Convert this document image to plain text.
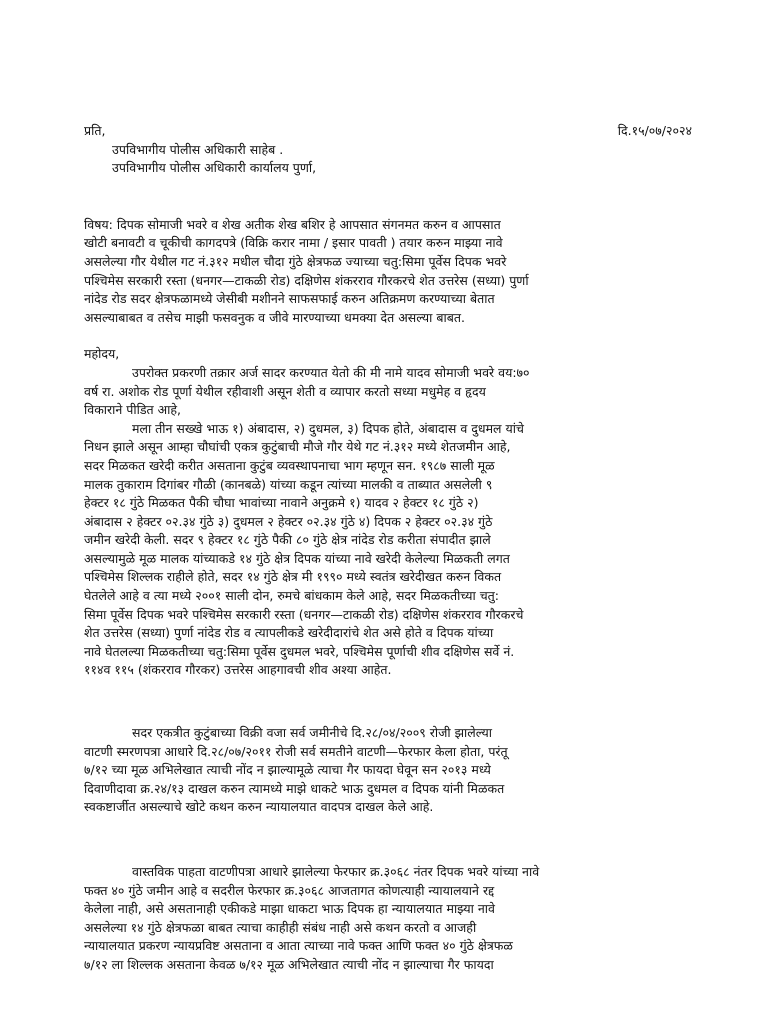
प्रति,	दि.१५/०७/२०२४
उपविभागीय पोलीस अधिकारी साहेब .
उपविभागीय पोलीस अधिकारी कार्यालय पुर्णा,
विषय: दिपक सोमाजी भवरे व शेख अतीक शेख बशिर हे आपसात संगनमत करुन व आपसात
खोटी बनावटी व चूकीची कागदपत्रे (विक्रि करार नामा / इसार पावती ) तयार करुन माझ्या नावे
असलेल्या गौर येथील गट नं.३१२ मधील चौदा गुंठे क्षेत्रफळ ज्याच्या चतु:सिमा पूर्वेस दिपक भवरे
पश्चिमेस सरकारी रस्ता (धनगर—टाकळी रोड) दक्षिणेस शंकरराव गौरकरचे शेत उत्तरेस (सध्या) पुर्णा
नांदेड रोड सदर क्षेत्रफळामध्ये जेसीबी मशीनने साफसफाई करुन अतिक्रमण करण्याच्या बेतात
असल्याबाबत व तसेच माझी फसवनुक व जीवे मारण्याच्या धमक्या देत असल्या बाबत.
महोदय,
उपरोक्त प्रकरणी तक्रार अर्ज सादर करण्यात येतो की मी नामे यादव सोमाजी भवरे वय:७०
वर्ष रा. अशोक रोड पूर्णा येथील रहीवाशी असून शेती व व्यापार करतो सध्या मधुमेह व हृदय
विकाराने पीडित आहे,
मला तीन सख्खे भाऊ १) अंबादास, २) दुधमल, ३) दिपक होते, अंबादास व दुधमल यांचे
निधन झाले असून आम्हा चौघांची एकत्र कुटुंबाची मौजे गौर येथे गट नं.३१२ मध्ये शेतजमीन आहे,
सदर मिळकत खरेदी करीत असताना कुटुंब व्यवस्थापनाचा भाग म्हणून सन. १९८७ साली मूळ
मालक तुकाराम दिगांबर गौळी (कानबळे) यांच्या कडून त्यांच्या मालकी व ताब्यात असलेली ९
हेक्टर १८ गुंठे मिळकत पैकी चौघा भावांच्या नावाने अनुक्रमे १) यादव २ हेक्टर १८ गुंठे २)
अंबादास २ हेक्टर ०२.३४ गुंठे ३) दुधमल २ हेक्टर ०२.३४ गुंठे ४) दिपक २ हेक्टर ०२.३४ गुंठे
जमीन खरेदी केली. सदर ९ हेक्टर १८ गुंठे पैकी ८० गुंठे क्षेत्र नांदेड रोड करीता संपादीत झाले
असल्यामुळे मूळ मालक यांच्याकडे १४ गुंठे क्षेत्र दिपक यांच्या नावे खरेदी केलेल्या मिळकती लगत
पश्चिमेस शिल्लक राहीले होते, सदर १४ गुंठे क्षेत्र मी १९९० मध्ये स्वतंत्र खरेदीखत करुन विकत
घेतलेले आहे व त्या मध्ये २००१ साली दोन, रुमचे बांधकाम केले आहे, सदर मिळकतीच्या चतु:
सिमा पूर्वेस दिपक भवरे पश्चिमेस सरकारी रस्ता (धनगर—टाकळी रोड) दक्षिणेस शंकरराव गौरकरचे
शेत उत्तरेस (सध्या) पुर्णा नांदेड रोड व त्यापलीकडे खरेदीदारांचे शेत असे होते व दिपक यांच्या
नावे घेतलल्या मिळकतीच्या चतु:सिमा पूर्वेस दुधमल भवरे, पश्चिमेस पूर्णाची शीव दक्षिणेस सर्वे नं.
११४व ११५ (शंकरराव गौरकर) उत्तरेस आहगावची शीव अश्या आहेत.
सदर एकत्रीत कुटुंबाच्या विक्री वजा सर्व जमीनीचे दि.२८/०४/२००९ रोजी झालेल्या
वाटणी स्मरणपत्रा आधारे दि.२८/०७/२०११ रोजी सर्व समतीने वाटणी—फेरफार केला होता, परंतू
७/१२ च्या मूळ अभिलेखात त्याची नोंद न झाल्यामूळे त्याचा गैर फायदा घेवून सन २०१३ मध्ये
दिवाणीदावा क्र.२४/१३ दाखल करुन त्यामध्ये माझे धाकटे भाऊ दुधमल व दिपक यांनी मिळकत
स्वकष्टार्जीत असल्याचे खोटे कथन करुन न्यायालयात वादपत्र दाखल केले आहे.
वास्तविक पाहता वाटणीपत्रा आधारे झालेल्या फेरफार क्र.३०६८ नंतर दिपक भवरे यांच्या नावे
फक्त ४० गुंठे जमीन आहे व सदरील फेरफार क्र.३०६८ आजतागत कोणत्याही न्यायालयाने रद्द
केलेला नाही, असे असतानाही एकीकडे माझा धाकटा भाऊ दिपक हा न्यायालयात माझ्या नावे
असलेल्या १४ गुंठे क्षेत्रफळा बाबत त्याचा काहीही संबंध नाही असे कथन करतो व आजही
न्यायालयात प्रकरण न्यायप्रविष्ट असताना व आता त्याच्या नावे फक्त आणि फक्त ४० गुंठे क्षेत्रफळ
७/१२ ला शिल्लक असताना केवळ ७/१२ मूळ अभिलेखात त्याची नोंद न झाल्याचा गैर फायदा
